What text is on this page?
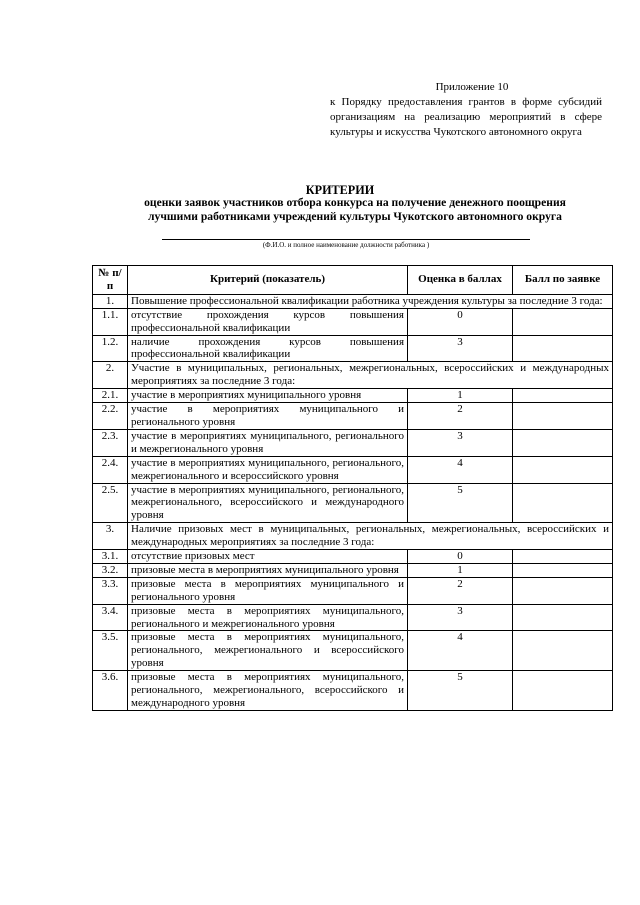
Приложение 10
к Порядку предоставления грантов в форме субсидий организациям на реализацию мероприятий в сфере культуры и искусства Чукотского автономного округа
КРИТЕРИИ
оценки заявок участников отбора конкурса на получение денежного поощрения
лучшими работниками учреждений культуры Чукотского автономного округа
(Ф.И.О. и полное наименование должности работника )
№ п/п	Критерий (показатель)	Оценка в баллах	Балл по заявке
1.	Повышение профессиональной квалификации работника учреждения культуры за последние 3 года:		
1.1.	отсутствие прохождения курсов повышения профессиональной квалификации	0	
1.2.	наличие прохождения курсов повышения профессиональной квалификации	3	
2.	Участие в муниципальных, региональных, межрегиональных, всероссийских и международных мероприятиях за последние 3 года:		
2.1.	участие в мероприятиях муниципального уровня	1	
2.2.	участие в мероприятиях муниципального и регионального уровня	2	
2.3.	участие в мероприятиях муниципального, регионального и межрегионального уровня	3	
2.4.	участие в мероприятиях муниципального, регионального, межрегионального и всероссийского уровня	4	
2.5.	участие в мероприятиях муниципального, регионального, межрегионального, всероссийского и международного уровня	5	
3.	Наличие призовых мест в муниципальных, региональных, межрегиональных, всероссийских и международных мероприятиях за последние 3 года:		
3.1.	отсутствие призовых мест	0	
3.2.	призовые места в мероприятиях муниципального уровня	1	
3.3.	призовые места в мероприятиях муниципального и регионального уровня	2	
3.4.	призовые места в мероприятиях муниципального, регионального и межрегионального уровня	3	
3.5.	призовые места в мероприятиях муниципального, регионального, межрегионального и всероссийского уровня	4	
3.6.	призовые места в мероприятиях муниципального, регионального, межрегионального, всероссийского и международного уровня	5	
